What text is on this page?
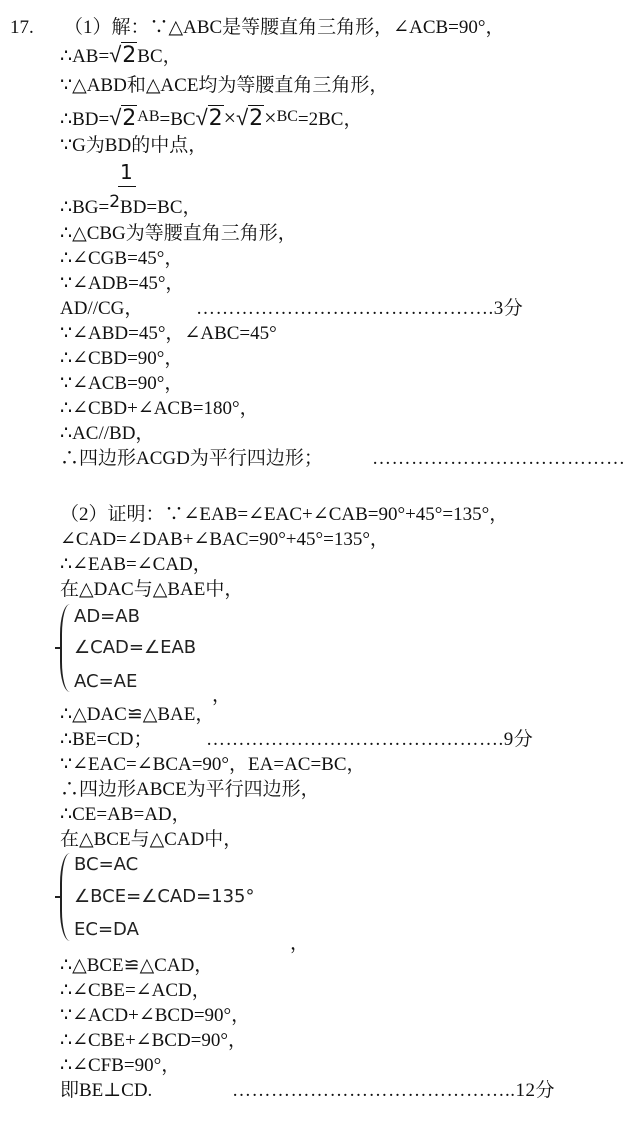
17. （1）解：∵△ABC是等腰直角三角形，∠ACB=90°，
∴AB=√2BC，
∵△ABD和△ACE均为等腰直角三角形，
$\therefore BD=√2^{AB}=BC√2\times√2\times^{BC}=2BC$，
∵G为BD的中点，
1
∴BG=2BD=BC，
∴△CBG为等腰直角三角形，
∴∠CGB=45°，
∵∠ADB=45°，
AD//CG，	……………………………………….3分
∵∠ABD=45°，∠ABC=45°
∴∠CBD=90°，
∵∠ACB=90°，
∴∠CBD+∠ACB=180°，
∴AC//BD，
∴四边形ACGD为平行四边形；	…………………………………
（2）证明：∵∠EAB=∠EAC+∠CAB=90°+45°=135°，
∠CAD=∠DAB+∠BAC=90°+45°=135°，
∴∠EAB=∠CAD，
在△DAC与△BAE中，
AD=AB
∠CAD=∠EAB
AC=AE
，
∴△DAC≌△BAE，
∴BE=CD；	……………………………………….9分
∵∠EAC=∠BCA=90°，EA=AC=BC，
∴四边形ABCE为平行四边形，
∴CE=AB=AD，
在△BCE与△CAD中，
BC=AC
∠BCE=∠CAD=135°
EC=DA
，
∴△BCE≌△CAD，
∴∠CBE=∠ACD，
∵∠ACD+∠BCD=90°，
∴∠CBE+∠BCD=90°，
∴∠CFB=90°，
即BE⊥CD.	……………………………………..12分
